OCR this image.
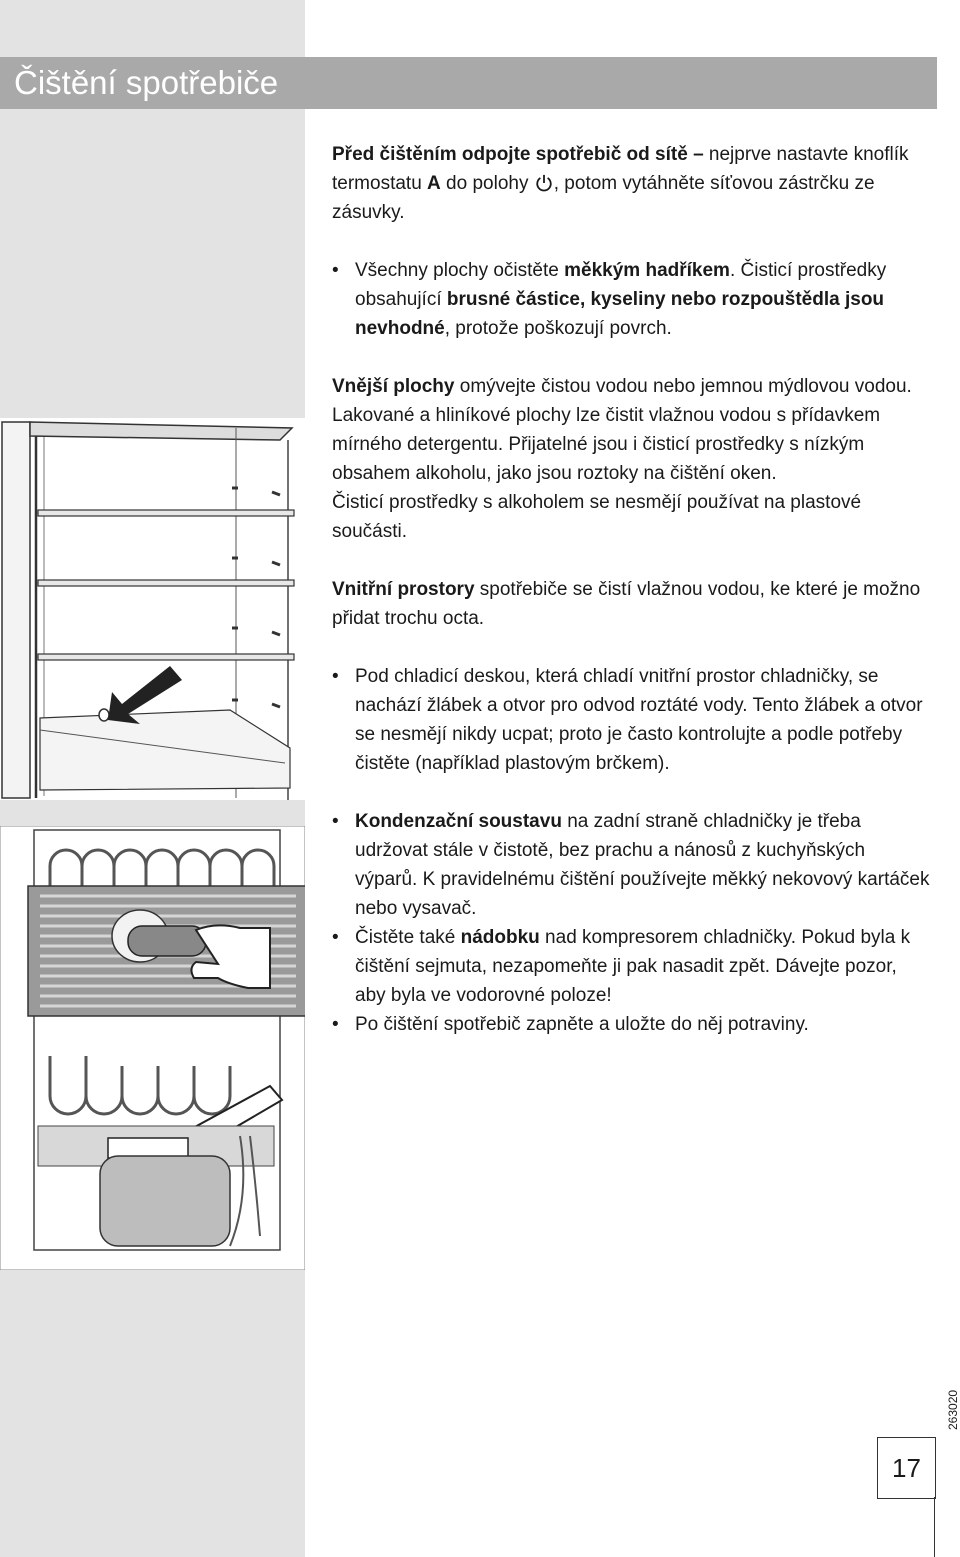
Čištění spotřebiče

Před čištěním odpojte spotřebič od sítě – nejprve nastavte knoflík termostatu A do polohy , potom vytáhněte síťovou zástrčku ze zásuvky.

• Všechny plochy očistěte měkkým hadříkem. Čisticí prostředky obsahující brusné částice, kyseliny nebo rozpouštědla jsou nevhodné, protože poškozují povrch.

Vnější plochy omývejte čistou vodou nebo jemnou mýdlovou vodou.

Lakované a hliníkové plochy lze čistit vlažnou vodou s přídavkem mírného detergentu. Přijatelné jsou i čisticí prostředky s nízkým obsahem alkoholu, jako jsou roztoky na čištění oken.

Čisticí prostředky s alkoholem se nesmějí používat na plastové součásti.

Vnitřní prostory spotřebiče se čistí vlažnou vodou, ke které je možno přidat trochu octa.

• Pod chladicí deskou, která chladí vnitřní prostor chladničky, se nachází žlábek a otvor pro odvod roztáté vody. Tento žlábek a otvor se nesmějí nikdy ucpat; proto je často kontrolujte a podle potřeby čistěte (například plastovým brčkem).
• Kondenzační soustavu na zadní straně chladničky je třeba udržovat stále v čistotě, bez prachu a nánosů z kuchyňských výparů. K pravidelnému čištění používejte měkký nekovový kartáček nebo vysavač.
• Čistěte také nádobku nad kompresorem chladničky. Pokud byla k čištění sejmuta, nezapomeňte ji pak nasadit zpět. Dávejte pozor, aby byla ve vodorovné poloze!
• Po čištění spotřebič zapněte a uložte do něj potraviny.
17
263020
